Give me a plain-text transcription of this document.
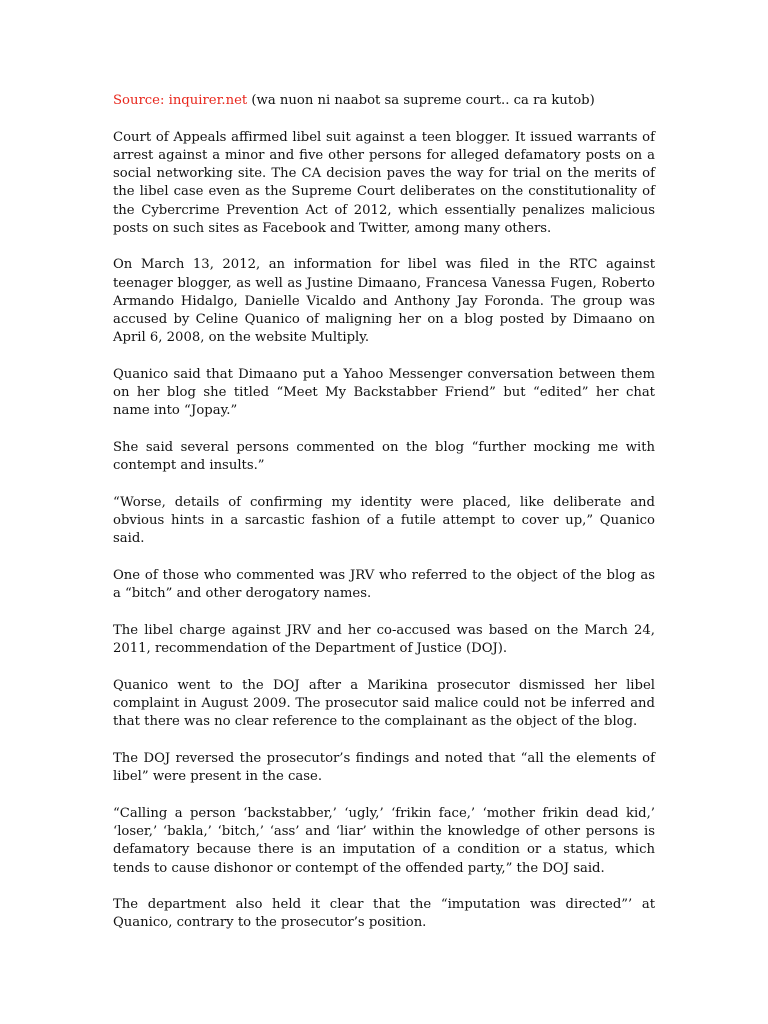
Source: inquirer.net (wa nuon ni naabot sa supreme court.. ca ra kutob)

Court of Appeals affirmed libel suit against a teen blogger. It issued warrants of arrest against a minor and five other persons for alleged defamatory posts on a social networking site. The CA decision paves the way for trial on the merits of the libel case even as the Supreme Court deliberates on the constitutionality of the Cybercrime Prevention Act of 2012, which essentially penalizes malicious posts on such sites as Facebook and Twitter, among many others.

On March 13, 2012, an information for libel was filed in the RTC against teenager blogger, as well as Justine Dimaano, Francesa Vanessa Fugen, Roberto Armando Hidalgo, Danielle Vicaldo and Anthony Jay Foronda. The group was accused by Celine Quanico of maligning her on a blog posted by Dimaano on April 6, 2008, on the website Multiply.

Quanico said that Dimaano put a Yahoo Messenger conversation between them on her blog she titled “Meet My Backstabber Friend” but “edited” her chat name into “Jopay.”

She said several persons commented on the blog “further mocking me with contempt and insults.”

“Worse, details of confirming my identity were placed, like deliberate and obvious hints in a sarcastic fashion of a futile attempt to cover up,” Quanico said.

One of those who commented was JRV who referred to the object of the blog as a “bitch” and other derogatory names.

The libel charge against JRV and her co-accused was based on the March 24, 2011, recommendation of the Department of Justice (DOJ).

Quanico went to the DOJ after a Marikina prosecutor dismissed her libel complaint in August 2009. The prosecutor said malice could not be inferred and that there was no clear reference to the complainant as the object of the blog.

The DOJ reversed the prosecutor’s findings and noted that “all the elements of libel” were present in the case.

“Calling a person ‘backstabber,’ ‘ugly,’ ‘frikin face,’ ‘mother frikin dead kid,’ ‘loser,’ ‘bakla,’ ‘bitch,’ ‘ass’ and ‘liar’ within the knowledge of other persons is defamatory because there is an imputation of a condition or a status, which tends to cause dishonor or contempt of the offended party,” the DOJ said.

The department also held it clear that the “imputation was directed”’ at Quanico, contrary to the prosecutor’s position.
